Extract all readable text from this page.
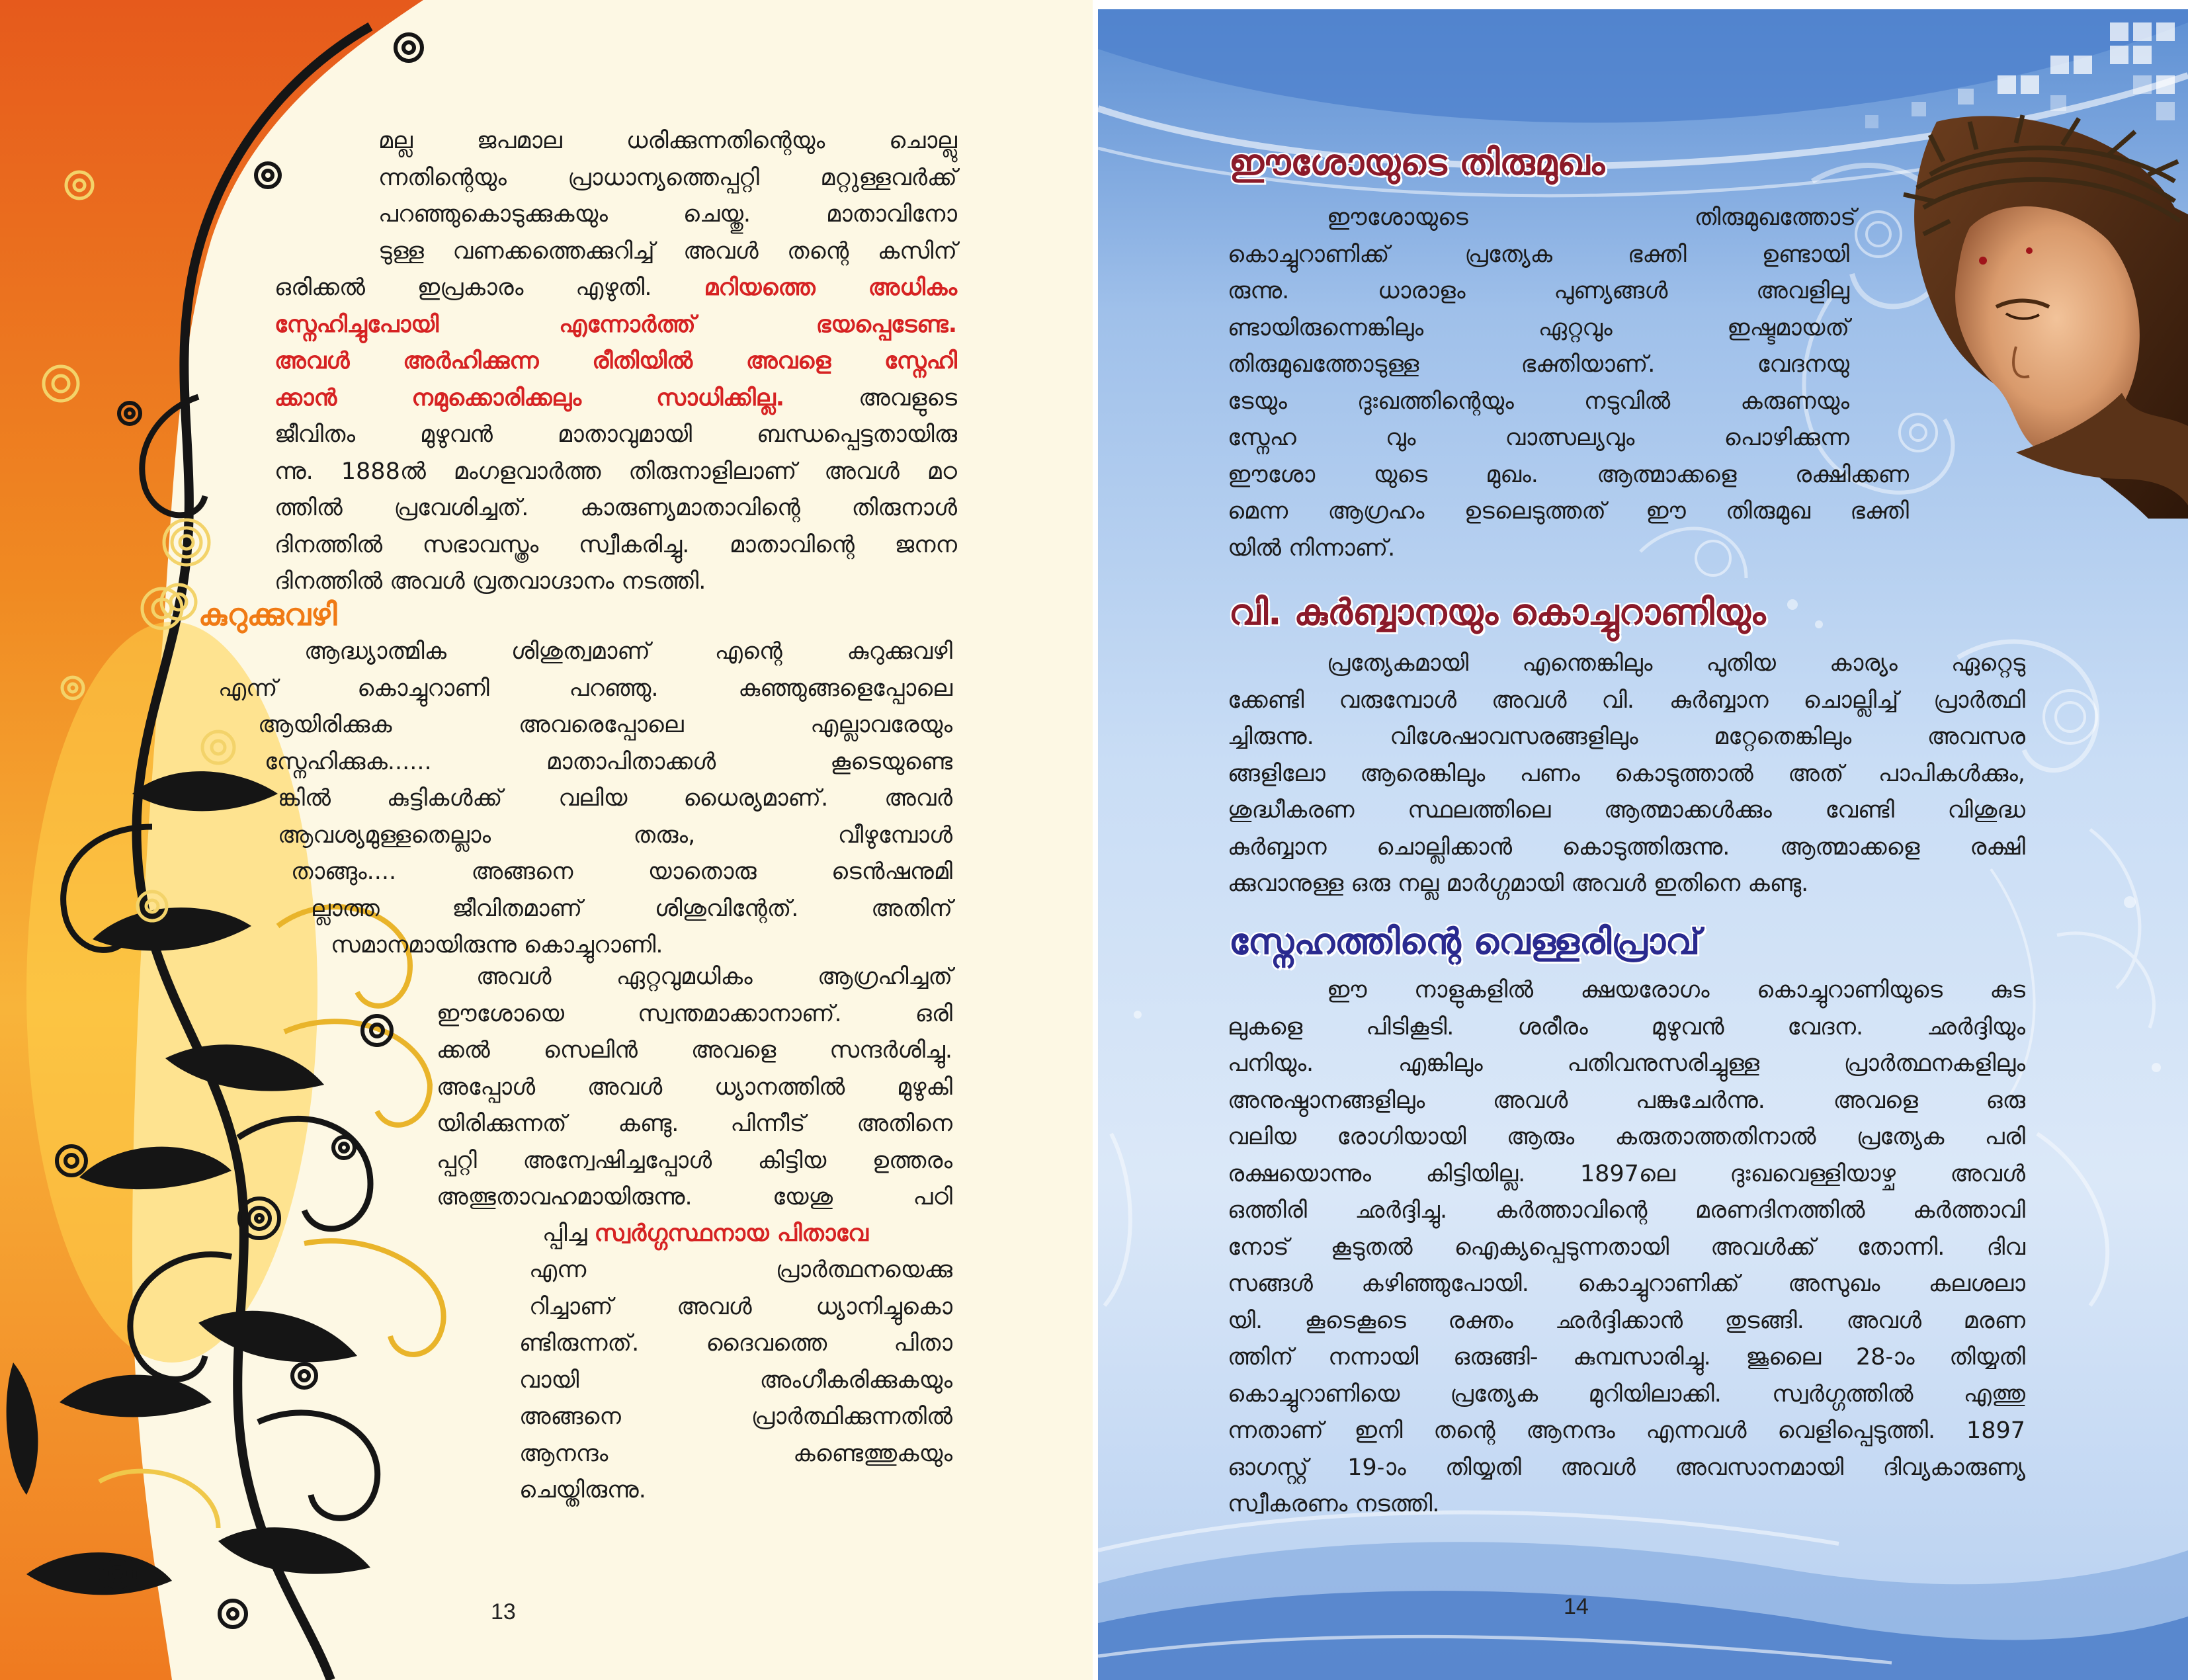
മല്ല ജപമാല ധരിക്കുന്നതിന്റെയും ചൊല്ലു
ന്നതിന്റെയും പ്രാധാന്യത്തെപ്പറ്റി മറ്റുള്ളവർക്ക്
പറഞ്ഞുകൊടുക്കുകയും ചെയ്തു. മാതാവിനോ
ടുള്ള വണക്കത്തെക്കുറിച്ച് അവൾ തന്റെ കസിന്
ഒരിക്കൽ ഇപ്രകാരം എഴുതി. മറിയത്തെ അധികം
സ്നേഹിച്ചുപോയി എന്നോർത്ത് ഭയപ്പെടേണ്ട.
അവൾ അർഹിക്കുന്ന രീതിയിൽ അവളെ സ്നേഹി
ക്കാൻ നമുക്കൊരിക്കലും സാധിക്കില്ല. അവളുടെ
ജീവിതം മുഴുവൻ മാതാവുമായി ബന്ധപ്പെട്ടതായിരു
ന്നു. 1888ൽ മംഗളവാർത്ത തിരുനാളിലാണ് അവൾ മഠ
ത്തിൽ പ്രവേശിച്ചത്. കാരുണ്യമാതാവിന്റെ തിരുനാൾ
ദിനത്തിൽ സഭാവസ്ത്രം സ്വീകരിച്ചു. മാതാവിന്റെ ജനന
ദിനത്തിൽ അവൾ വ്രതവാഗ്ദാനം നടത്തി.
കുറുക്കുവഴി
ആദ്ധ്യാത്മിക ശിശുത്വമാണ് എന്റെ കുറുക്കുവഴി
എന്ന് കൊച്ചുറാണി പറഞ്ഞു. കുഞ്ഞുങ്ങളെപ്പോലെ
ആയിരിക്കുക അവരെപ്പോലെ എല്ലാവരേയും
സ്നേഹിക്കുക...... മാതാപിതാക്കൾ കൂടെയുണ്ടെ
ങ്കിൽ കുട്ടികൾക്ക് വലിയ ധൈര്യമാണ്. അവർ
ആവശ്യമുള്ളതെല്ലാം തരും, വീഴുമ്പോൾ
താങ്ങും.... അങ്ങനെ യാതൊരു ടെൻഷനുമി
ല്ലാത്ത ജീവിതമാണ് ശിശുവിന്റേത്. അതിന്
സമാനമായിരുന്നു കൊച്ചുറാണി.
അവൾ ഏറ്റവുമധികം ആഗ്രഹിച്ചത്
ഈശോയെ സ്വന്തമാക്കാനാണ്. ഒരി
ക്കൽ സെലിൻ അവളെ സന്ദർശിച്ചു.
അപ്പോൾ അവൾ ധ്യാനത്തിൽ മുഴുകി
യിരിക്കുന്നത് കണ്ടു. പിന്നീട് അതിനെ
പ്പറ്റി അന്വേഷിച്ചപ്പോൾ കിട്ടിയ ഉത്തരം
അത്ഭുതാവഹമായിരുന്നു. യേശു പഠി
പ്പിച്ച സ്വർഗ്ഗസ്ഥനായ പിതാവേ
എന്ന പ്രാർത്ഥനയെക്കു
റിച്ചാണ് അവൾ ധ്യാനിച്ചുകൊ
ണ്ടിരുന്നത്. ദൈവത്തെ പിതാ
വായി അംഗീകരിക്കുകയും
അങ്ങനെ പ്രാർത്ഥിക്കുന്നതിൽ
ആനന്ദം കണ്ടെത്തുകയും
ചെയ്തിരുന്നു.
13
ഈശോയുടെ തിരുമുഖം
ഈശോയുടെ തിരുമുഖത്തോട്
കൊച്ചുറാണിക്ക് പ്രത്യേക ഭക്തി ഉണ്ടായി
രുന്നു. ധാരാളം പുണ്യങ്ങൾ അവളിലു
ണ്ടായിരുന്നെങ്കിലും ഏറ്റവും ഇഷ്ടമായത്
തിരുമുഖത്തോടുള്ള ഭക്തിയാണ്. വേദനയു
ടേയും ദുഃഖത്തിന്റെയും നടുവിൽ കരുണയും
സ്നേഹ വും വാത്സല്യവും പൊഴിക്കുന്ന
ഈശോ യുടെ മുഖം. ആത്മാക്കളെ രക്ഷിക്കണ
മെന്ന ആഗ്രഹം ഉടലെടുത്തത് ഈ തിരുമുഖ ഭക്തി
യിൽ നിന്നാണ്.
വി. കുർബ്ബാനയും കൊച്ചുറാണിയും
പ്രത്യേകമായി എന്തെങ്കിലും പുതിയ കാര്യം ഏറ്റെടു
ക്കേണ്ടി വരുമ്പോൾ അവൾ വി. കുർബ്ബാന ചൊല്ലിച്ച് പ്രാർത്ഥി
ച്ചിരുന്നു. വിശേഷാവസരങ്ങളിലും മറ്റേതെങ്കിലും അവസര
ങ്ങളിലോ ആരെങ്കിലും പണം കൊടുത്താൽ അത് പാപികൾക്കും,
ശുദ്ധീകരണ സ്ഥലത്തിലെ ആത്മാക്കൾക്കും വേണ്ടി വിശുദ്ധ
കുർബ്ബാന ചൊല്ലിക്കാൻ കൊടുത്തിരുന്നു. ആത്മാക്കളെ രക്ഷി
ക്കുവാനുള്ള ഒരു നല്ല മാർഗ്ഗമായി അവൾ ഇതിനെ കണ്ടു.
സ്നേഹത്തിന്റെ വെള്ളരിപ്രാവ്
ഈ നാളുകളിൽ ക്ഷയരോഗം കൊച്ചുറാണിയുടെ കുട
ലുകളെ പിടികൂടി. ശരീരം മുഴുവൻ വേദന. ഛർദ്ദിയും
പനിയും. എങ്കിലും പതിവനുസരിച്ചുള്ള പ്രാർത്ഥനകളിലും
അനുഷ്ഠാനങ്ങളിലും അവൾ പങ്കുചേർന്നു. അവളെ ഒരു
വലിയ രോഗിയായി ആരും കരുതാത്തതിനാൽ പ്രത്യേക പരി
രക്ഷയൊന്നും കിട്ടിയില്ല. 1897ലെ ദുഃഖവെള്ളിയാഴ്ച അവൾ
ഒത്തിരി ഛർദ്ദിച്ചു. കർത്താവിന്റെ മരണദിനത്തിൽ കർത്താവി
നോട് കൂടുതൽ ഐക്യപ്പെടുന്നതായി അവൾക്ക് തോന്നി. ദിവ
സങ്ങൾ കഴിഞ്ഞുപോയി. കൊച്ചുറാണിക്ക് അസുഖം കലശലാ
യി. കൂടെകൂടെ രക്തം ഛർദ്ദിക്കാൻ തുടങ്ങി. അവൾ മരണ
ത്തിന് നന്നായി ഒരുങ്ങി- കുമ്പസാരിച്ചു. ജൂലൈ 28-ാം തിയ്യതി
കൊച്ചുറാണിയെ പ്രത്യേക മുറിയിലാക്കി. സ്വർഗ്ഗത്തിൽ എത്തു
ന്നതാണ് ഇനി തന്റെ ആനന്ദം എന്നവൾ വെളിപ്പെടുത്തി. 1897
ഓഗസ്റ്റ് 19-ാം തിയ്യതി അവൾ അവസാനമായി ദിവ്യകാരുണ്യ
സ്വീകരണം നടത്തി.
14
